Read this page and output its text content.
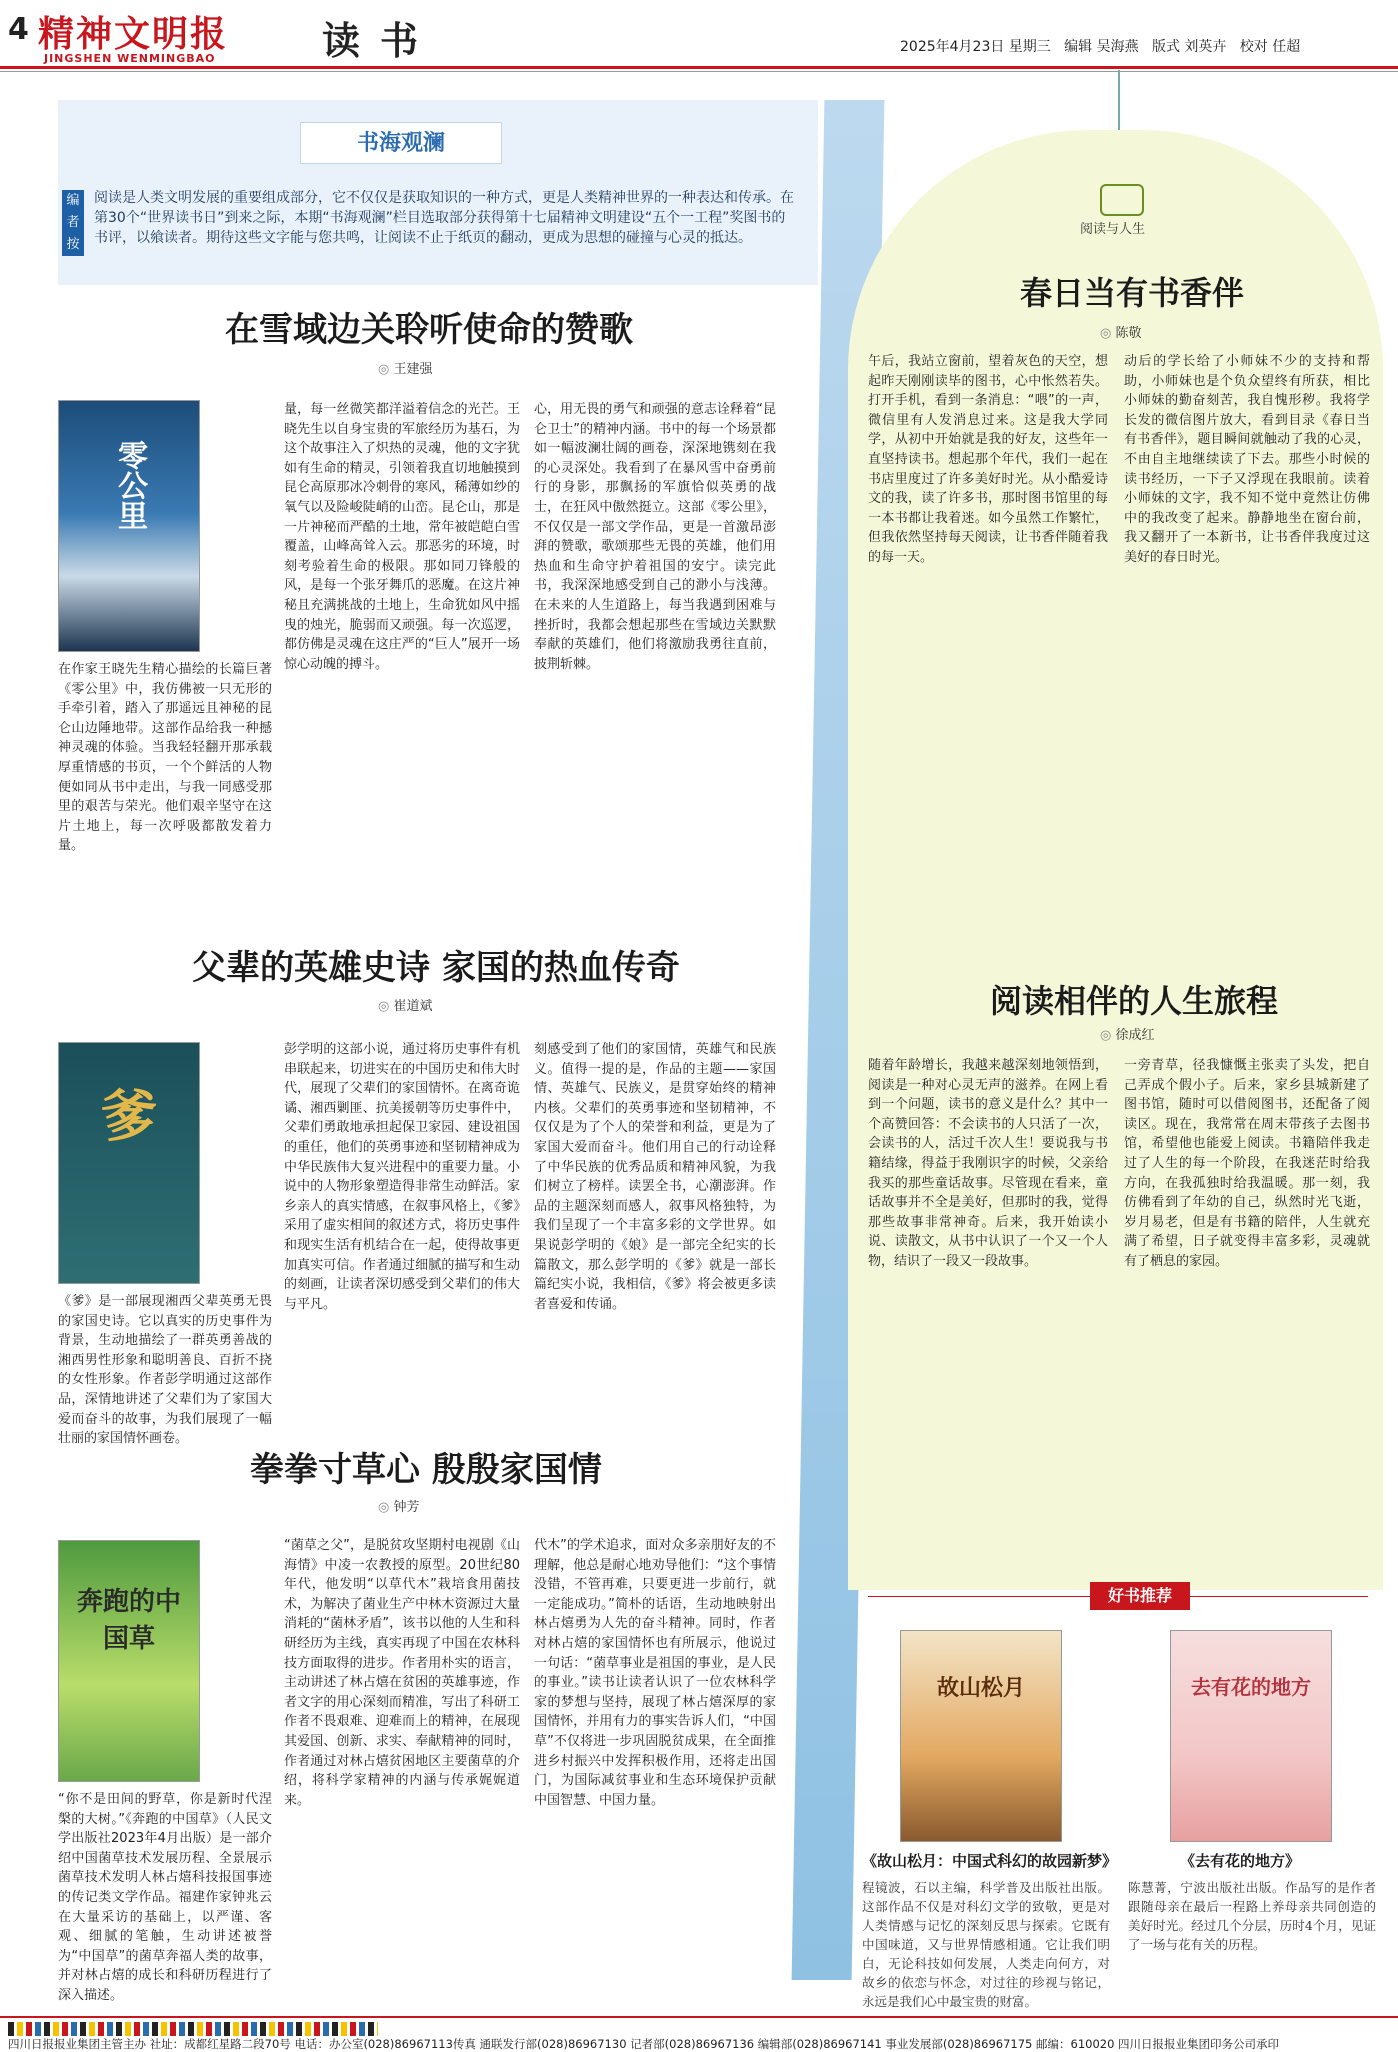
4 精神文明报
JINGSHEN WENMINGBAO	读书	2025年4月23日 星期三 编辑 吴海燕 版式 刘英卉 校对 任超
书海观澜
编者按
阅读是人类文明发展的重要组成部分，它不仅仅是获取知识的一种方式，更是人类精神世界的一种表达和传承。在第30个“世界读书日”到来之际，本期“书海观澜”栏目选取部分获得第十七届精神文明建设“五个一工程”奖图书的书评，以飨读者。期待这些文字能与您共鸣，让阅读不止于纸页的翻动，更成为思想的碰撞与心灵的抵达。
在雪域边关聆听使命的赞歌
◎ 王建强
零公里
在作家王晓先生精心描绘的长篇巨著《零公里》中，我仿佛被一只无形的手牵引着，踏入了那遥远且神秘的昆仑山边陲地带。这部作品给我一种撼神灵魂的体验。当我轻轻翻开那承载厚重情感的书页，一个个鲜活的人物便如同从书中走出，与我一同感受那里的艰苦与荣光。他们艰辛坚守在这片土地上，每一次呼吸都散发着力量。
量，每一丝微笑都洋溢着信念的光芒。王晓先生以自身宝贵的军旅经历为基石，为这个故事注入了炽热的灵魂，他的文字犹如有生命的精灵，引领着我直切地触摸到昆仑高原那冰冷刺骨的寒风，稀薄如纱的氧气以及险峻陡峭的山峦。昆仑山，那是一片神秘而严酷的土地，常年被皑皑白雪覆盖，山峰高耸入云。那恶劣的环境，时刻考验着生命的极限。那如同刀锋般的风，是每一个张牙舞爪的恶魔。在这片神秘且充满挑战的土地上，生命犹如风中摇曳的烛光，脆弱而又顽强。每一次巡逻，都仿佛是灵魂在这庄严的“巨人”展开一场惊心动魄的搏斗。
心，用无畏的勇气和顽强的意志诠释着“昆仑卫士”的精神内涵。书中的每一个场景都如一幅波澜壮阔的画卷，深深地镌刻在我的心灵深处。我看到了在暴风雪中奋勇前行的身影，那飘扬的军旗恰似英勇的战士，在狂风中傲然挺立。这部《零公里》，不仅仅是一部文学作品，更是一首激昂澎湃的赞歌，歌颂那些无畏的英雄，他们用热血和生命守护着祖国的安宁。读完此书，我深深地感受到自己的渺小与浅薄。在未来的人生道路上，每当我遇到困难与挫折时，我都会想起那些在雪域边关默默奉献的英雄们，他们将激励我勇往直前，披荆斩棘。
父辈的英雄史诗 家国的热血传奇
◎ 崔道斌
爹
《爹》是一部展现湘西父辈英勇无畏的家国史诗。它以真实的历史事件为背景，生动地描绘了一群英勇善战的湘西男性形象和聪明善良、百折不挠的女性形象。作者彭学明通过这部作品，深情地讲述了父辈们为了家国大爱而奋斗的故事，为我们展现了一幅壮丽的家国情怀画卷。
彭学明的这部小说，通过将历史事件有机串联起来，切进实在的中国历史和伟大时代，展现了父辈们的家国情怀。在离奇诡谲、湘西剿匪、抗美援朝等历史事件中，父辈们勇敢地承担起保卫家园、建设祖国的重任，他们的英勇事迹和坚韧精神成为中华民族伟大复兴进程中的重要力量。小说中的人物形象塑造得非常生动鲜活。家乡亲人的真实情感，在叙事风格上，《爹》采用了虚实相间的叙述方式，将历史事件和现实生活有机结合在一起，使得故事更加真实可信。作者通过细腻的描写和生动的刻画，让读者深切感受到父辈们的伟大与平凡。
刻感受到了他们的家国情，英雄气和民族义。值得一提的是，作品的主题——家国情、英雄气、民族义，是贯穿始终的精神内核。父辈们的英勇事迹和坚韧精神，不仅仅是为了个人的荣誉和利益，更是为了家国大爱而奋斗。他们用自己的行动诠释了中华民族的优秀品质和精神风貌，为我们树立了榜样。读罢全书，心潮澎湃。作品的主题深刻而感人，叙事风格独特，为我们呈现了一个丰富多彩的文学世界。如果说彭学明的《娘》是一部完全纪实的长篇散文，那么彭学明的《爹》就是一部长篇纪实小说，我相信，《爹》将会被更多读者喜爱和传诵。
拳拳寸草心 殷殷家国情
◎ 钟芳
奔跑的中国草
“你不是田间的野草，你是新时代涅槃的大树。”《奔跑的中国草》（人民文学出版社2023年4月出版）是一部介绍中国菌草技术发展历程、全景展示菌草技术发明人林占熺科技报国事迹的传记类文学作品。福建作家钟兆云在大量采访的基础上，以严谨、客观、细腻的笔触，生动讲述被誉为“中国草”的菌草奔福人类的故事，并对林占熺的成长和科研历程进行了深入描述。
“菌草之父”，是脱贫攻坚期村电视剧《山海情》中凌一农教授的原型。20世纪80年代，他发明“以草代木”栽培食用菌技术，为解决了菌业生产中林木资源过大量消耗的“菌林矛盾”，该书以他的人生和科研经历为主线，真实再现了中国在农林科技方面取得的进步。作者用朴实的语言，主动讲述了林占熺在贫困的英雄事迹，作者文字的用心深刻而精准，写出了科研工作者不畏艰难、迎难而上的精神，在展现其爱国、创新、求实、奉献精神的同时，作者通过对林占熺贫困地区主要菌草的介绍，将科学家精神的内涵与传承娓娓道来。
代木”的学术追求，面对众多亲朋好友的不理解，他总是耐心地劝导他们：“这个事情没错，不管再难，只要更进一步前行，就一定能成功。”简朴的话语，生动地映射出林占熺勇为人先的奋斗精神。同时，作者对林占熺的家国情怀也有所展示，他说过一句话：“菌草事业是祖国的事业，是人民的事业。”读书让读者认识了一位农林科学家的梦想与坚持，展现了林占熺深厚的家国情怀，并用有力的事实告诉人们，“中国草”不仅将进一步巩固脱贫成果，在全面推进乡村振兴中发挥积极作用，还将走出国门，为国际减贫事业和生态环境保护贡献中国智慧、中国力量。
阅读与人生
春日当有书香伴
◎ 陈敬
午后，我站立窗前，望着灰色的天空，想起昨天刚刚读毕的图书，心中怅然若失。打开手机，看到一条消息：“喂”的一声，微信里有人发消息过来。这是我大学同学，从初中开始就是我的好友，这些年一直坚持读书。想起那个年代，我们一起在书店里度过了许多美好时光。从小酷爱诗文的我，读了许多书，那时图书馆里的每一本书都让我着迷。如今虽然工作繁忙，但我依然坚持每天阅读，让书香伴随着我的每一天。
动后的学长给了小师妹不少的支持和帮助，小师妹也是个负众望终有所获，相比小师妹的勤奋刻苦，我自愧形秽。我将学长发的微信图片放大，看到目录《春日当有书香伴》，题目瞬间就触动了我的心灵，不由自主地继续读了下去。那些小时候的读书经历，一下子又浮现在我眼前。读着小师妹的文字，我不知不觉中竟然让仿佛中的我改变了起来。静静地坐在窗台前，我又翻开了一本新书，让书香伴我度过这美好的春日时光。
阅读相伴的人生旅程
◎ 徐成红
随着年龄增长，我越来越深刻地领悟到，阅读是一种对心灵无声的滋养。在网上看到一个问题，读书的意义是什么？其中一个高赞回答：不会读书的人只活了一次，会读书的人，活过千次人生！要说我与书籍结缘，得益于我刚识字的时候，父亲给我买的那些童话故事。尽管现在看来，童话故事并不全是美好，但那时的我，觉得那些故事非常神奇。后来，我开始读小说、读散文，从书中认识了一个又一个人物，结识了一段又一段故事。
一旁青草，径我慷慨主张卖了头发，把自己弄成个假小子。后来，家乡县城新建了图书馆，随时可以借阅图书，还配备了阅读区。现在，我常常在周末带孩子去图书馆，希望他也能爱上阅读。书籍陪伴我走过了人生的每一个阶段，在我迷茫时给我方向，在我孤独时给我温暖。那一刻，我仿佛看到了年幼的自己，纵然时光飞逝，岁月易老，但是有书籍的陪伴，人生就充满了希望，日子就变得丰富多彩，灵魂就有了栖息的家园。
好书推荐
故山松月	去有花的地方
《故山松月：中国式科幻的故园新梦》
程镜波，石以主编，科学普及出版社出版。这部作品不仅是对科幻文学的致敬，更是对人类情感与记忆的深刻反思与探索。它既有中国味道，又与世界情感相通。它让我们明白，无论科技如何发展，人类走向何方，对故乡的依恋与怀念，对过往的珍视与铭记，永远是我们心中最宝贵的财富。
《去有花的地方》
陈慧菁，宁波出版社出版。作品写的是作者跟随母亲在最后一程路上养母亲共同创造的美好时光。经过几个分层，历时4个月，见证了一场与花有关的历程。
四川日报报业集团主管主办 社址：成都红星路二段70号 电话：办公室(028)86967113传真 通联发行部(028)86967130 记者部(028)86967136 编辑部(028)86967141 事业发展部(028)86967175 邮编：610020 四川日报报业集团印务公司承印
